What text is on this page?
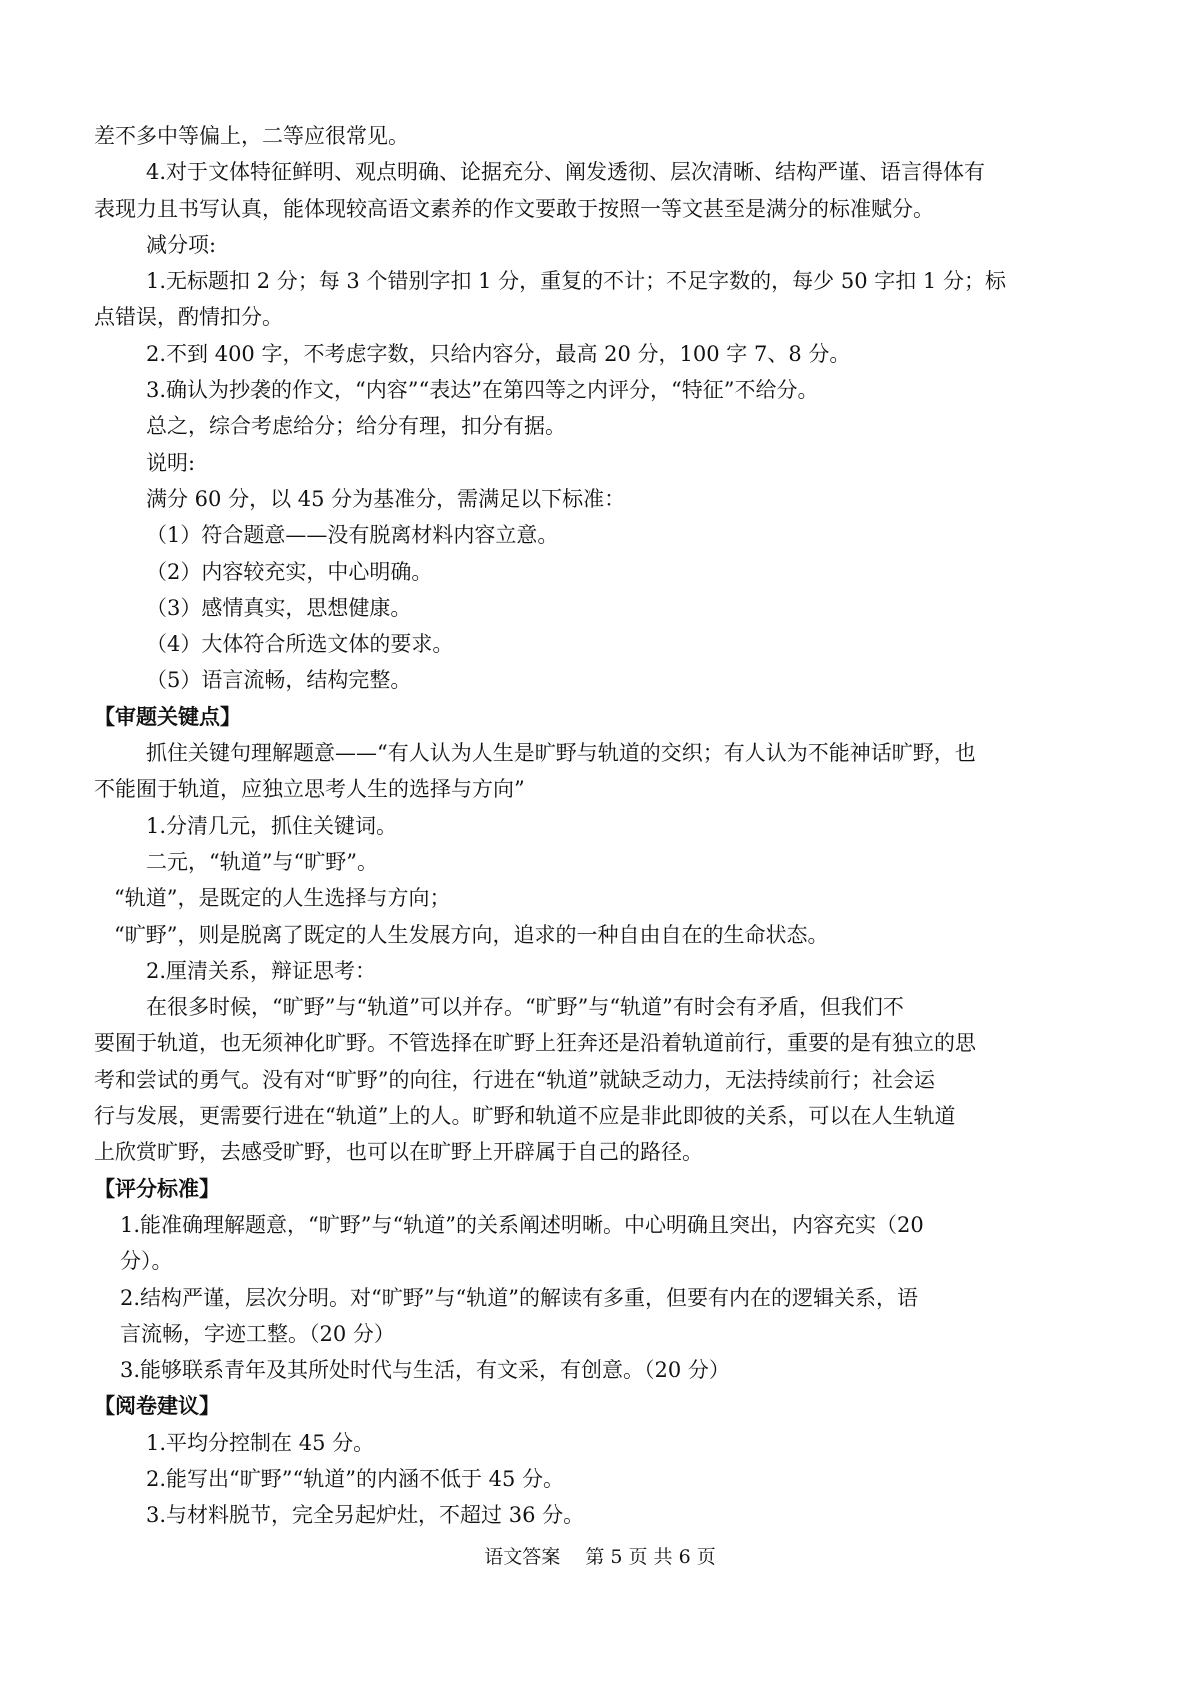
差不多中等偏上，二等应很常见。

4.对于文体特征鲜明、观点明确、论据充分、阐发透彻、层次清晰、结构严谨、语言得体有

表现力且书写认真，能体现较高语文素养的作文要敢于按照一等文甚至是满分的标准赋分。

减分项:

1.无标题扣 2 分；每 3 个错别字扣 1 分，重复的不计；不足字数的，每少 50 字扣 1 分；标

点错误，酌情扣分。

2.不到 400 字，不考虑字数，只给内容分，最高 20 分，100 字 7、8 分。

3.确认为抄袭的作文，“内容”“表达”在第四等之内评分，“特征”不给分。

总之，综合考虑给分；给分有理，扣分有据。

说明:

满分 60 分，以 45 分为基准分，需满足以下标准：

（1）符合题意——没有脱离材料内容立意。

（2）内容较充实，中心明确。

（3）感情真实，思想健康。

（4）大体符合所选文体的要求。

（5）语言流畅，结构完整。

【审题关键点】

抓住关键句理解题意——“有人认为人生是旷野与轨道的交织；有人认为不能神话旷野，也

不能囿于轨道，应独立思考人生的选择与方向”

1.分清几元，抓住关键词。

二元，“轨道”与“旷野”。

“轨道”，是既定的人生选择与方向；

“旷野”，则是脱离了既定的人生发展方向，追求的一种自由自在的生命状态。

2.厘清关系，辩证思考：

在很多时候，“旷野”与“轨道”可以并存。“旷野”与“轨道”有时会有矛盾，但我们不

要囿于轨道，也无须神化旷野。不管选择在旷野上狂奔还是沿着轨道前行，重要的是有独立的思

考和尝试的勇气。没有对“旷野”的向往，行进在“轨道”就缺乏动力，无法持续前行；社会运

行与发展，更需要行进在“轨道”上的人。旷野和轨道不应是非此即彼的关系，可以在人生轨道

上欣赏旷野，去感受旷野，也可以在旷野上开辟属于自己的路径。

【评分标准】

1.能准确理解题意，“旷野”与“轨道”的关系阐述明晰。中心明确且突出，内容充实（20

分）。

2.结构严谨，层次分明。对“旷野”与“轨道”的解读有多重，但要有内在的逻辑关系，语

言流畅，字迹工整。（20 分）

3.能够联系青年及其所处时代与生活，有文采，有创意。（20 分）

【阅卷建议】

1.平均分控制在 45 分。

2.能写出“旷野”“轨道”的内涵不低于 45 分。

3.与材料脱节，完全另起炉灶，不超过 36 分。

语文答案　 第 5 页 共 6 页
